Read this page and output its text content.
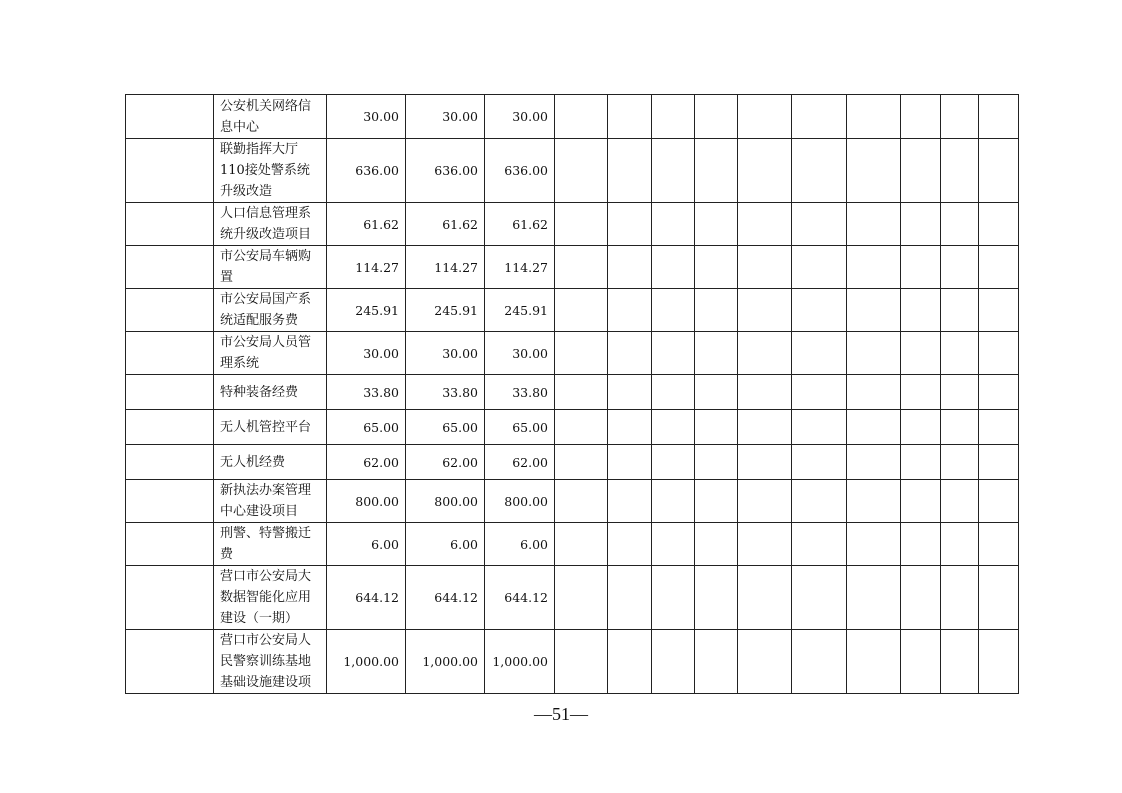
	公安机关网络信息中心	30.00	30.00	30.00										
	联勤指挥大厅110接处警系统升级改造	636.00	636.00	636.00										
	人口信息管理系统升级改造项目	61.62	61.62	61.62										
	市公安局车辆购置	114.27	114.27	114.27										
	市公安局国产系统适配服务费	245.91	245.91	245.91										
	市公安局人员管理系统	30.00	30.00	30.00										
	特种装备经费	33.80	33.80	33.80										
	无人机管控平台	65.00	65.00	65.00										
	无人机经费	62.00	62.00	62.00										
	新执法办案管理中心建设项目	800.00	800.00	800.00										
	刑警、特警搬迁费	6.00	6.00	6.00										
	营口市公安局大数据智能化应用建设（一期）	644.12	644.12	644.12										
	营口市公安局人民警察训练基地基础设施建设项	1,000.00	1,000.00	1,000.00										
—51—
